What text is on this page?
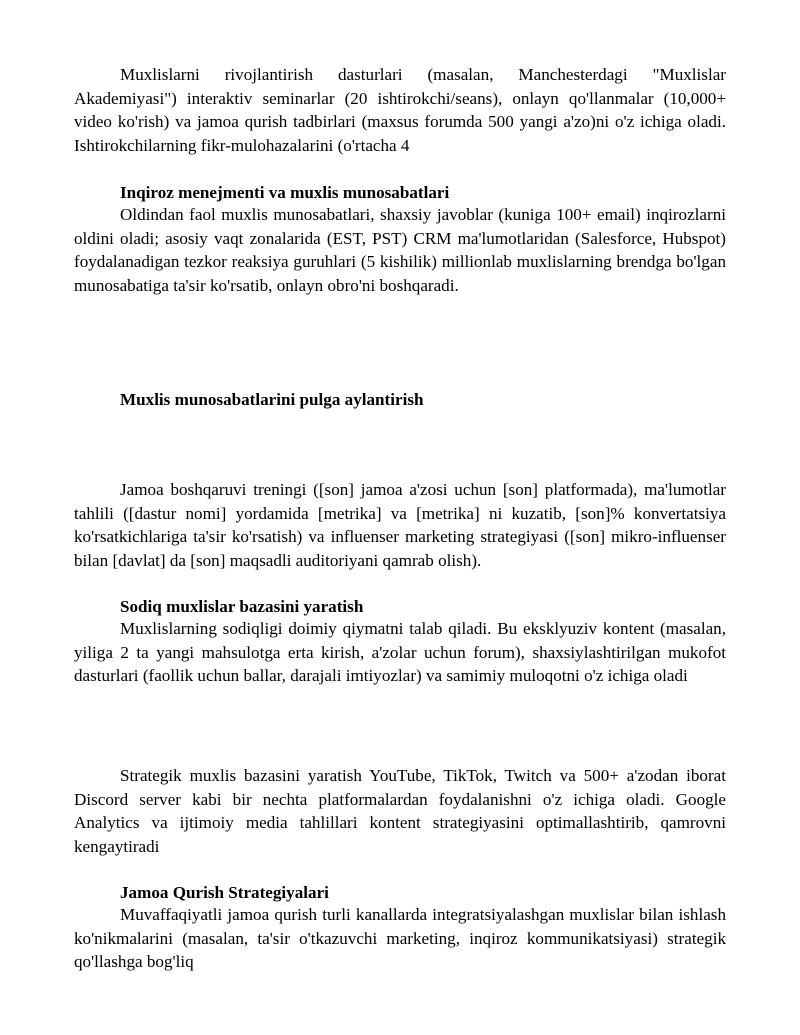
Muxlislarni rivojlantirish dasturlari (masalan, Manchesterdagi "Muxlislar Akademiyasi") interaktiv seminarlar (20 ishtirokchi/seans), onlayn qo'llanmalar (10,000+ video ko'rish) va jamoa qurish tadbirlari (maxsus forumda 500 yangi a'zo)ni o'z ichiga oladi. Ishtirokchilarning fikr-mulohazalarini (o'rtacha 4

Inqiroz menejmenti va muxlis munosabatlari

Oldindan faol muxlis munosabatlari, shaxsiy javoblar (kuniga 100+ email) inqirozlarni oldini oladi; asosiy vaqt zonalarida (EST, PST) CRM ma'lumotlaridan (Salesforce, Hubspot) foydalanadigan tezkor reaksiya guruhlari (5 kishilik) millionlab muxlislarning brendga bo'lgan munosabatiga ta'sir ko'rsatib, onlayn obro'ni boshqaradi.

Muxlis munosabatlarini pulga aylantirish

Jamoa boshqaruvi treningi ([son] jamoa a'zosi uchun [son] platformada), ma'lumotlar tahlili ([dastur nomi] yordamida [metrika] va [metrika] ni kuzatib, [son]% konvertatsiya ko'rsatkichlariga ta'sir ko'rsatish) va influenser marketing strategiyasi ([son] mikro-influenser bilan [davlat] da [son] maqsadli auditoriyani qamrab olish).

Sodiq muxlislar bazasini yaratish

Muxlislarning sodiqligi doimiy qiymatni talab qiladi. Bu eksklyuziv kontent (masalan, yiliga 2 ta yangi mahsulotga erta kirish, a'zolar uchun forum), shaxsiylashtirilgan mukofot dasturlari (faollik uchun ballar, darajali imtiyozlar) va samimiy muloqotni o'z ichiga oladi

Strategik muxlis bazasini yaratish YouTube, TikTok, Twitch va 500+ a'zodan iborat Discord server kabi bir nechta platformalardan foydalanishni o'z ichiga oladi. Google Analytics va ijtimoiy media tahlillari kontent strategiyasini optimallashtirib, qamrovni kengaytiradi

Jamoa Qurish Strategiyalari

Muvaffaqiyatli jamoa qurish turli kanallarda integratsiyalashgan muxlislar bilan ishlash ko'nikmalarini (masalan, ta'sir o'tkazuvchi marketing, inqiroz kommunikatsiyasi) strategik qo'llashga bog'liq
